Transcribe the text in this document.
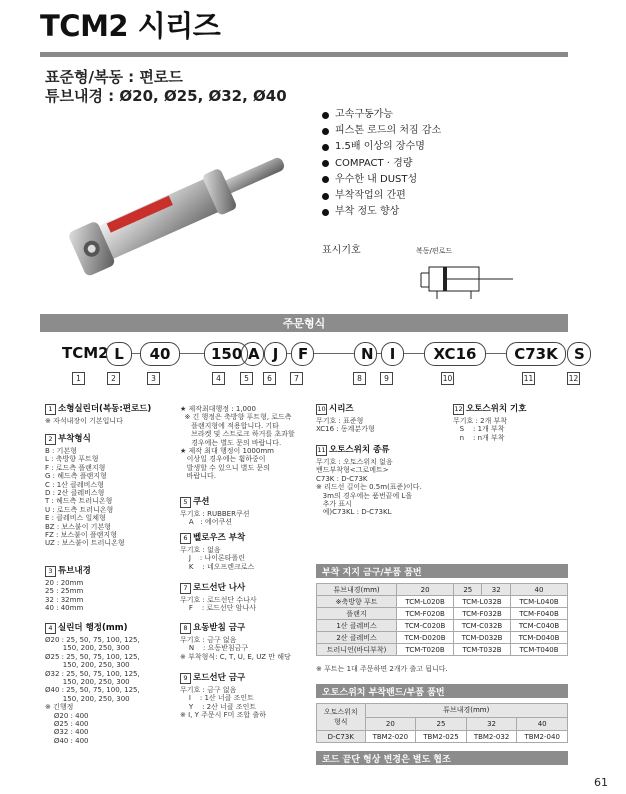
TCM2 시리즈
표준형/복동 : 편로드
튜브내경 : Ø20, Ø25, Ø32, Ø40
고속구동가능
피스톤 로드의 처짐 감소
1.5배 이상의 장수명
COMPACT · 경량
우수한 내 DUST성
부착작업의 간편
부착 정도 향상
표시기호	복동/편로드
주문형식
TCM2 L	40	150 A J	F	N	I	XC16	C73K	S
1	2	3	4	5	6	7	8	9	10	11	12
1 소형실린더(복동:편로드)

※ 자석내장이 기본입니다

2 부착형식

B : 기본형

L : 축방향 푸트형

F : 로드측 플랜지형

G : 헤드측 플랜지형

C : 1산 클레비스형

D : 2산 클레비스형

T : 헤드측 트러니온형

U : 로드측 트러니온형

E : 클레비스 일체형

BZ : 보스붙이 기본형

FZ : 보스붙이 플랜지형

UZ : 보스붙이 트러니온형

3 튜브내경

20 : 20mm

25 : 25mm

32 : 32mm

40 : 40mm

4 실린더 행정(mm)

Ø20 : 25, 50, 75, 100, 125,

150, 200, 250, 300

Ø25 : 25, 50, 75, 100, 125,

150, 200, 250, 300

Ø32 : 25, 50, 75, 100, 125,

150, 200, 250, 300

Ø40 : 25, 50, 75, 100, 125,

150, 200, 250, 300

※ 긴행정

Ø20 : 400

Ø25 : 400

Ø32 : 400

Ø40 : 400

★ 제작최대행정 : 1,000

※ 긴 행정은 축방향 푸트형, 로드측

플랜지형에 적용합니다. 기타

브라켓 및 스트로크 하거를 초과할

경우에는 별도 문의 바랍니다.

★ 제작 최대 행정이 1000mm

이상일 경우에는 휨하중이

발생할 수 있으니 별도 문의

바랍니다.

5 쿠션

무기호 : RUBBER쿠션

A   : 에어쿠션

6 벨로우즈 부착

무기호 : 없음

J    : 나이론타폴린

K    : 네오프렌크로스

7 로드선단 나사

무기호 : 로드선단 수나사

F    : 로드선단 암나사

8 요동받침 금구

무기호 : 금구 없음

N    : 요동받침금구

※ 부착형식: C, T, U, E, UZ 만 해당

9 로드선단 금구

무기호 : 금구 없음

I    : 1산 너클 조인트

Y    : 2산 너클 조인트

※ I, Y 주문시 F미 조합 출하

10 시리즈

무기호 : 표준형

XC16 : 동계분가형

12 오토스위치 기호

무기호 : 2개 부착

S    : 1개 부착

n    : n개 부착

11 오토스위치 종류

무기호 : 오토스위치 없음

밴드부착형<그로메트>

C73K : D-C73K

※ 리드선 길이는 0.5m(표준)이다.

3m의 경우에는 품번끝에 L을

추가 표시

예)C73KL : D-C73KL

부착 지지 금구/부품 품번
튜브내경(mm)	20	25	32	40
※축방향 푸트	TCM-L020B	TCM-L032B		TCM-L040B
플랜지	TCM-F020B	TCM-F032B		TCM-F040B
1산 클레비스	TCM-C020B	TCM-C032B		TCM-C040B
2산 클레비스	TCM-D020B	TCM-D032B		TCM-D040B
트러니언(바디부착)	TCM-T020B	TCM-T032B		TCM-T040B
※ 푸트는 1대 주문하면 2개가 출고 됩니다.
오토스위치 부착밴드/부품 품번
오토스위치
형식	튜브내경(mm)			
	20	25	32	40
D-C73K	TBM2-020	TBM2-025	TBM2-032	TBM2-040
로드 끝단 형상 변경은 별도 협조
61
